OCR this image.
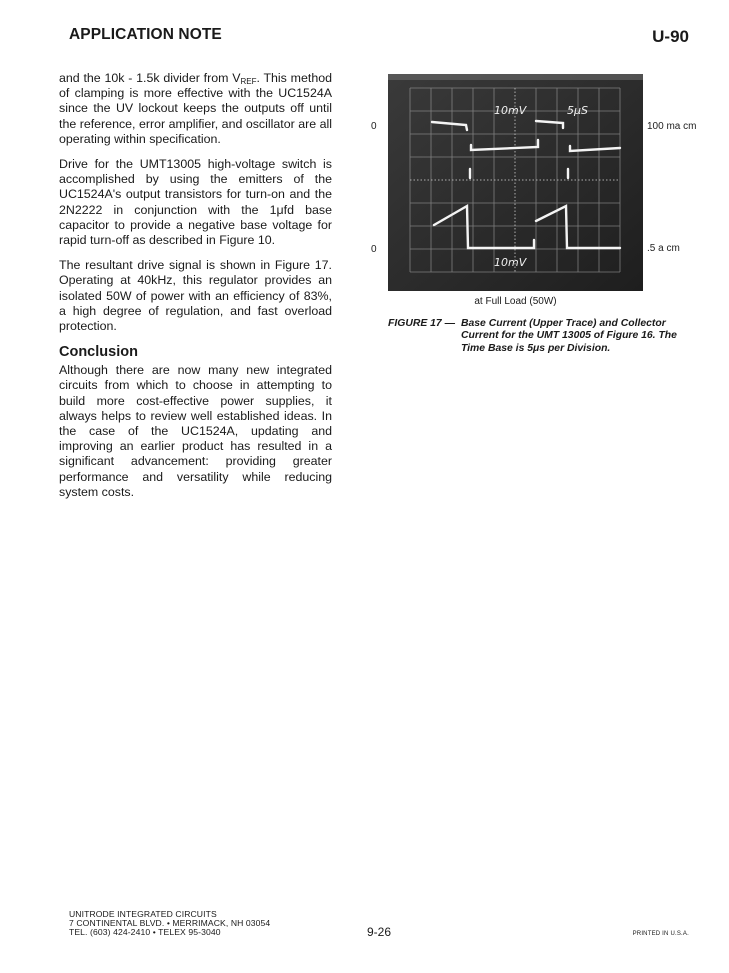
APPLICATION NOTE	U-90

and the 10k - 1.5k divider from $V_{REF}$. This method of clamping is more effective with the UC1524A since the UV lockout keeps the outputs off until the reference, error amplifier, and oscillator are all operating within specification.

Drive for the UMT13005 high-voltage switch is accomplished by using the emitters of the UC1524A's output transistors for turn-on and the 2N2222 in conjunction with the 1μfd base capacitor to provide a negative base voltage for rapid turn-off as described in Figure 10.

The resultant drive signal is shown in Figure 17. Operating at 40kHz, this regulator provides an isolated 50W of power with an efficiency of 83%, a high degree of regulation, and fast overload protection.

Conclusion

Although there are now many new integrated circuits from which to choose in attempting to build more cost-effective power supplies, it always helps to review well established ideas. In the case of the UC1524A, updating and improving an earlier product has resulted in a significant advancement: providing greater performance and versatility while reducing system costs.

10mV	5μS
10mV
0
0
100 ma cm
.5 a cm
at Full Load (50W)
FIGURE 17 — Base Current (Upper Trace) and Collector
Current for the UMT 13005 of Figure 16. The
Time Base is 5μs per Division.
UNITRODE INTEGRATED CIRCUITS
7 CONTINENTAL BLVD. • MERRIMACK, NH 03054
TEL. (603) 424-2410 • TELEX 95-3040	9-26	PRINTED IN U.S.A.
